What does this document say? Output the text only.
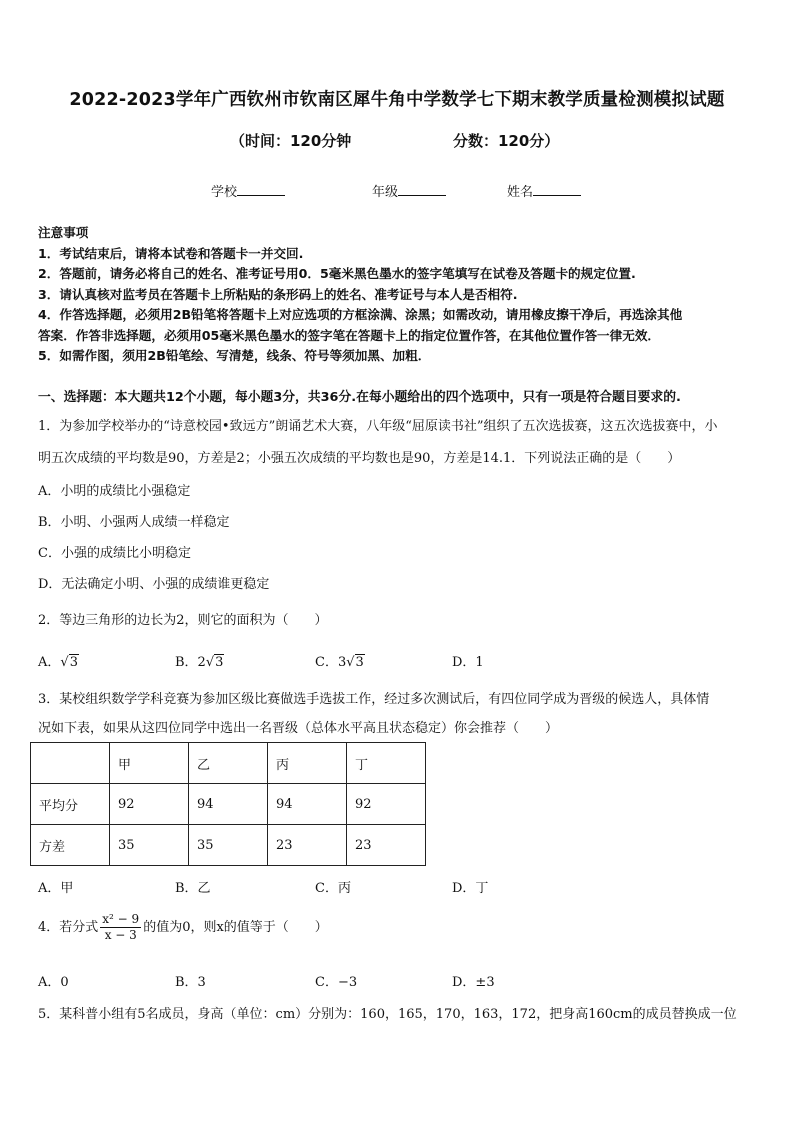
2022-2023学年广西钦州市钦南区犀牛角中学数学七下期末教学质量检测模拟试题
（时间：120分钟	分数：120分）
学校	年级	姓名

注意事项

1．考试结束后，请将本试卷和答题卡一并交回.

2．答题前，请务必将自己的姓名、准考证号用0．5毫米黑色墨水的签字笔填写在试卷及答题卡的规定位置.

3．请认真核对监考员在答题卡上所粘贴的条形码上的姓名、准考证号与本人是否相符.

4．作答选择题，必须用2B铅笔将答题卡上对应选项的方框涂满、涂黑；如需改动，请用橡皮擦干净后，再选涂其他

答案．作答非选择题，必须用05毫米黑色墨水的签字笔在答题卡上的指定位置作答，在其他位置作答一律无效．

5．如需作图，须用2B铅笔绘、写清楚，线条、符号等须加黑、加粗．

一、选择题：本大题共12个小题，每小题3分，共36分.在每小题给出的四个选项中，只有一项是符合题目要求的.
1．为参加学校举办的“诗意校园•致远方”朗诵艺术大赛，八年级“屈原读书社”组织了五次选拔赛，这五次选拔赛中，小
明五次成绩的平均数是90，方差是2；小强五次成绩的平均数也是90，方差是14.1．下列说法正确的是（　　）
A．小明的成绩比小强稳定
B．小明、小强两人成绩一样稳定
C．小强的成绩比小明稳定
D．无法确定小明、小强的成绩谁更稳定
2．等边三角形的边长为2，则它的面积为（　　）
A．√3	B．2√3	C．3√3	D．1
3．某校组织数学学科竞赛为参加区级比赛做选手选拔工作，经过多次测试后，有四位同学成为晋级的候选人，具体情
况如下表，如果从这四位同学中选出一名晋级（总体水平高且状态稳定）你会推荐（　　）
	甲	乙	丙	丁
平均分	92	94	94	92
方差	35	35	23	23
A．甲	B．乙	C．丙	D．丁
4．若分式 $\frac{\text{x² − 9}}{x - 3}$ 的值为0，则x的值等于（　　）
A．0	B．3	C．−3	D．±3
5．某科普小组有5名成员，身高（单位：cm）分别为：160，165，170，163，172，把身高160cm的成员替换成一位
